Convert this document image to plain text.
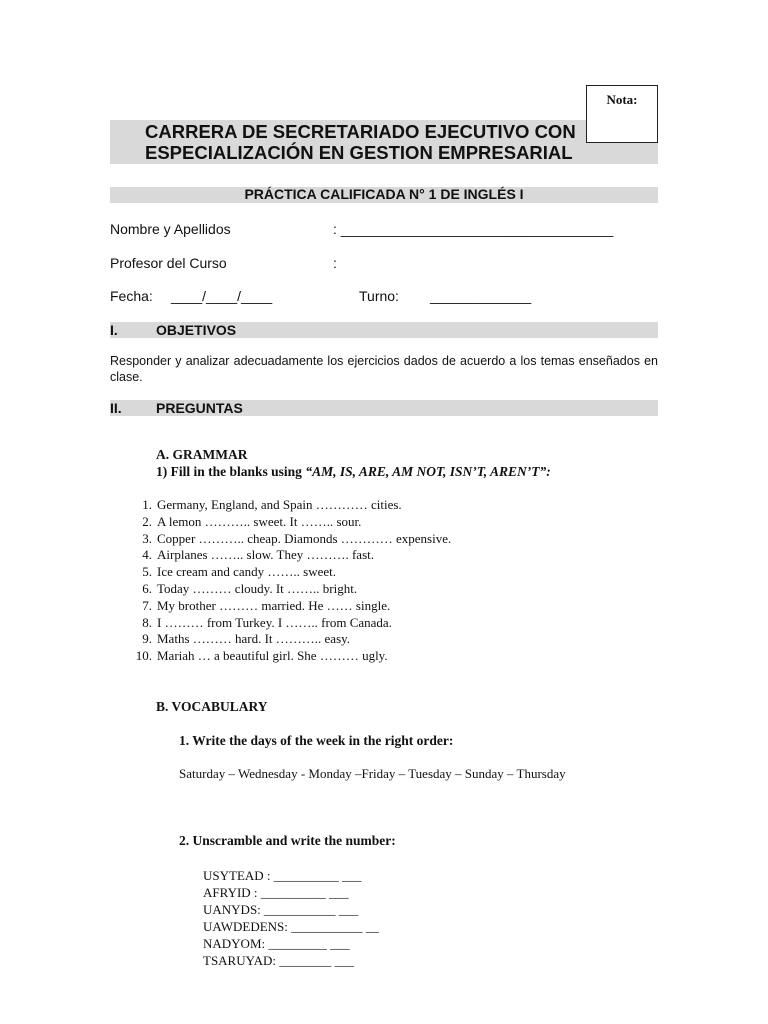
Nota:
CARRERA DE SECRETARIADO EJECUTIVO CON
ESPECIALIZACIÓN EN GESTION EMPRESARIAL
PRÁCTICA CALIFICADA N° 1 DE INGLÉS I
Nombre y Apellidos	: ___________________________________
Profesor del Curso	:
Fecha: ____/____/____	Turno: _____________
I.	OBJETIVOS
Responder y analizar adecuadamente los ejercicios dados de acuerdo a los temas enseñados en clase.
II. PREGUNTAS
A. GRAMMAR
1) Fill in the blanks using “AM, IS, ARE, AM NOT, ISN’T, AREN’T”:
1. Germany, England, and Spain ………… cities.
2. A lemon ……….. sweet. It …….. sour.
3. Copper ……….. cheap. Diamonds ………… expensive.
4. Airplanes …….. slow. They ………. fast.
5. Ice cream and candy …….. sweet.
6. Today ……… cloudy. It …….. bright.
7. My brother ……… married. He …… single.
8. I ……… from Turkey. I …….. from Canada.
9. Maths ……… hard. It ……….. easy.
10. Mariah … a beautiful girl. She ……… ugly.
B. VOCABULARY
1. Write the days of the week in the right order:
Saturday – Wednesday - Monday –Friday – Tuesday – Sunday – Thursday
2. Unscramble and write the number:
USYTEAD : __________ ___
AFRYID : __________ ___
UANYDS: ___________ ___
UAWDEDENS: ___________ __
NADYOM: _________ ___
TSARUYAD: ________ ___
